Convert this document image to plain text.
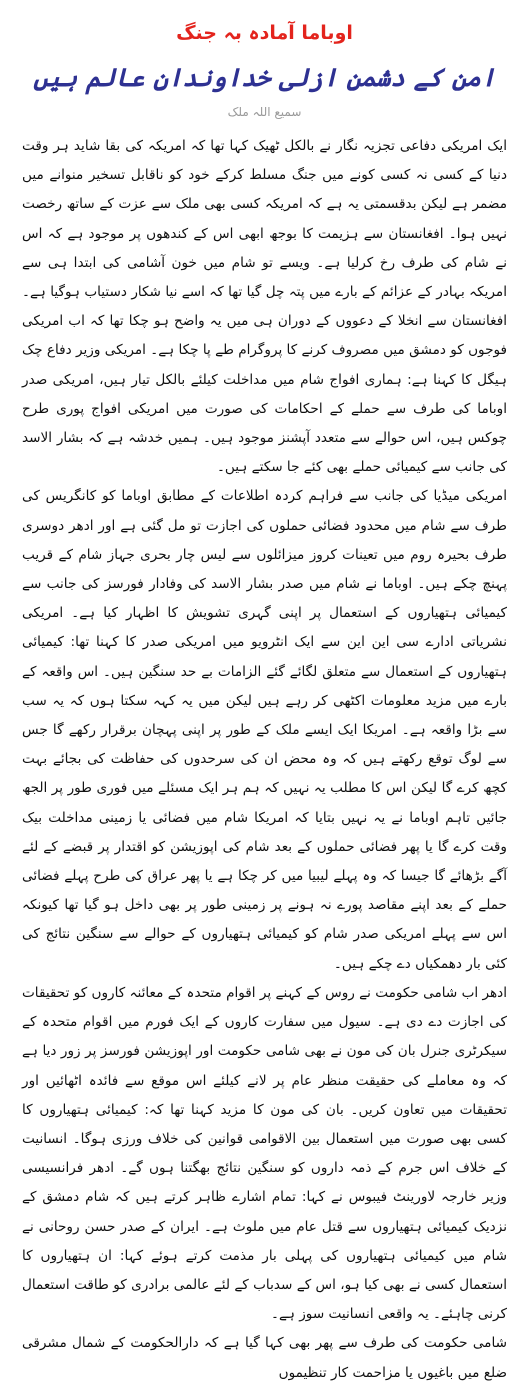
اوباما آمادہ بہ جنگ
امن کے دشمنِ ازلی خداوندانِ عالم ہیں
سمیع اللہ ملک

ایک امریکی دفاعی تجزیہ نگار نے بالکل ٹھیک کہا تھا کہ امریکہ کی بقا شاید ہر وقت دنیا کے کسی نہ کسی کونے میں جنگ مسلط کرکے خود کو ناقابل تسخیر منوانے میں مضمر ہے لیکن بدقسمتی یہ ہے کہ امریکہ کسی بھی ملک سے عزت کے ساتھ رخصت نہیں ہوا۔ افغانستان سے ہزیمت کا بوجھ ابھی اس کے کندھوں پر موجود ہے کہ اس نے شام کی طرف رخ کرلیا ہے۔ ویسے تو شام میں خون آشامی کی ابتدا ہی سے امریکہ بہادر کے عزائم کے بارے میں پتہ چل گیا تھا کہ اسے نیا شکار دستیاب ہوگیا ہے۔ افغانستان سے انخلا کے دعووں کے دوران ہی میں یہ واضح ہو چکا تھا کہ اب امریکی فوجوں کو دمشق میں مصروف کرنے کا پروگرام طے پا چکا ہے۔ امریکی وزیر دفاع چک ہیگل کا کہنا ہے: ہماری افواج شام میں مداخلت کیلئے بالکل تیار ہیں، امریکی صدر اوباما کی طرف سے حملے کے احکامات کی صورت میں امریکی افواج پوری طرح چوکس ہیں، اس حوالے سے متعدد آپشنز موجود ہیں۔ ہمیں خدشہ ہے کہ بشار الاسد کی جانب سے کیمیائی حملے بھی کئے جا سکتے ہیں۔

امریکی میڈیا کی جانب سے فراہم کردہ اطلاعات کے مطابق اوباما کو کانگریس کی طرف سے شام میں محدود فضائی حملوں کی اجازت تو مل گئی ہے اور ادھر دوسری طرف بحیرہ روم میں تعینات کروز میزائلوں سے لیس چار بحری جہاز شام کے قریب پہنچ چکے ہیں۔ اوباما نے شام میں صدر بشار الاسد کی وفادار فورسز کی جانب سے کیمیائی ہتھیاروں کے استعمال پر اپنی گہری تشویش کا اظہار کیا ہے۔ امریکی نشریاتی ادارے سی این این سے ایک انٹرویو میں امریکی صدر کا کہنا تھا: کیمیائی ہتھیاروں کے استعمال سے متعلق لگائے گئے الزامات بے حد سنگین ہیں۔ اس واقعہ کے بارے میں مزید معلومات اکٹھی کر رہے ہیں لیکن میں یہ کہہ سکتا ہوں کہ یہ سب سے بڑا واقعہ ہے۔ امریکا ایک ایسے ملک کے طور پر اپنی پہچان برقرار رکھے گا جس سے لوگ توقع رکھتے ہیں کہ وہ محض ان کی سرحدوں کی حفاظت کی بجائے بہت کچھ کرے گا لیکن اس کا مطلب یہ نہیں کہ ہم ہر ایک مسئلے میں فوری طور پر الجھ جائیں تاہم اوباما نے یہ نہیں بتایا کہ امریکا شام میں فضائی یا زمینی مداخلت بیک وقت کرے گا یا پھر فضائی حملوں کے بعد شام کی اپوزیشن کو اقتدار پر قبضے کے لئے آگے بڑھائے گا جیسا کہ وہ پہلے لیبیا میں کر چکا ہے یا پھر عراق کی طرح پہلے فضائی حملے کے بعد اپنے مقاصد پورے نہ ہونے پر زمینی طور پر بھی داخل ہو گیا تھا کیونکہ اس سے پہلے امریکی صدر شام کو کیمیائی ہتھیاروں کے حوالے سے سنگین نتائج کی کئی بار دھمکیاں دے چکے ہیں۔

ادھر اب شامی حکومت نے روس کے کہنے پر اقوام متحدہ کے معائنہ کاروں کو تحقیقات کی اجازت دے دی ہے۔ سیول میں سفارت کاروں کے ایک فورم میں اقوام متحدہ کے سیکرٹری جنرل بان کی مون نے بھی شامی حکومت اور اپوزیشن فورسز پر زور دیا ہے کہ وہ معاملے کی حقیقت منظر عام پر لانے کیلئے اس موقع سے فائدہ اٹھائیں اور تحقیقات میں تعاون کریں۔ بان کی مون کا مزید کہنا تھا کہ: کیمیائی ہتھیاروں کا کسی بھی صورت میں استعمال بین الاقوامی قوانین کی خلاف ورزی ہوگا۔ انسانیت کے خلاف اس جرم کے ذمہ داروں کو سنگین نتائج بھگتنا ہوں گے۔ ادھر فرانسیسی وزیر خارجہ لاورینٹ فیبوس نے کہا: تمام اشارے ظاہر کرتے ہیں کہ شام دمشق کے نزدیک کیمیائی ہتھیاروں سے قتل عام میں ملوث ہے۔ ایران کے صدر حسن روحانی نے شام میں کیمیائی ہتھیاروں کی پہلی بار مذمت کرتے ہوئے کہا: ان ہتھیاروں کا استعمال کسی نے بھی کیا ہو، اس کے سدباب کے لئے عالمی برادری کو طاقت استعمال کرنی چاہئے۔ یہ واقعی انسانیت سوز ہے۔

شامی حکومت کی طرف سے پھر بھی کہا گیا ہے کہ دارالحکومت کے شمال مشرقی ضلع میں باغیوں یا مزاحمت کار تنظیموں
